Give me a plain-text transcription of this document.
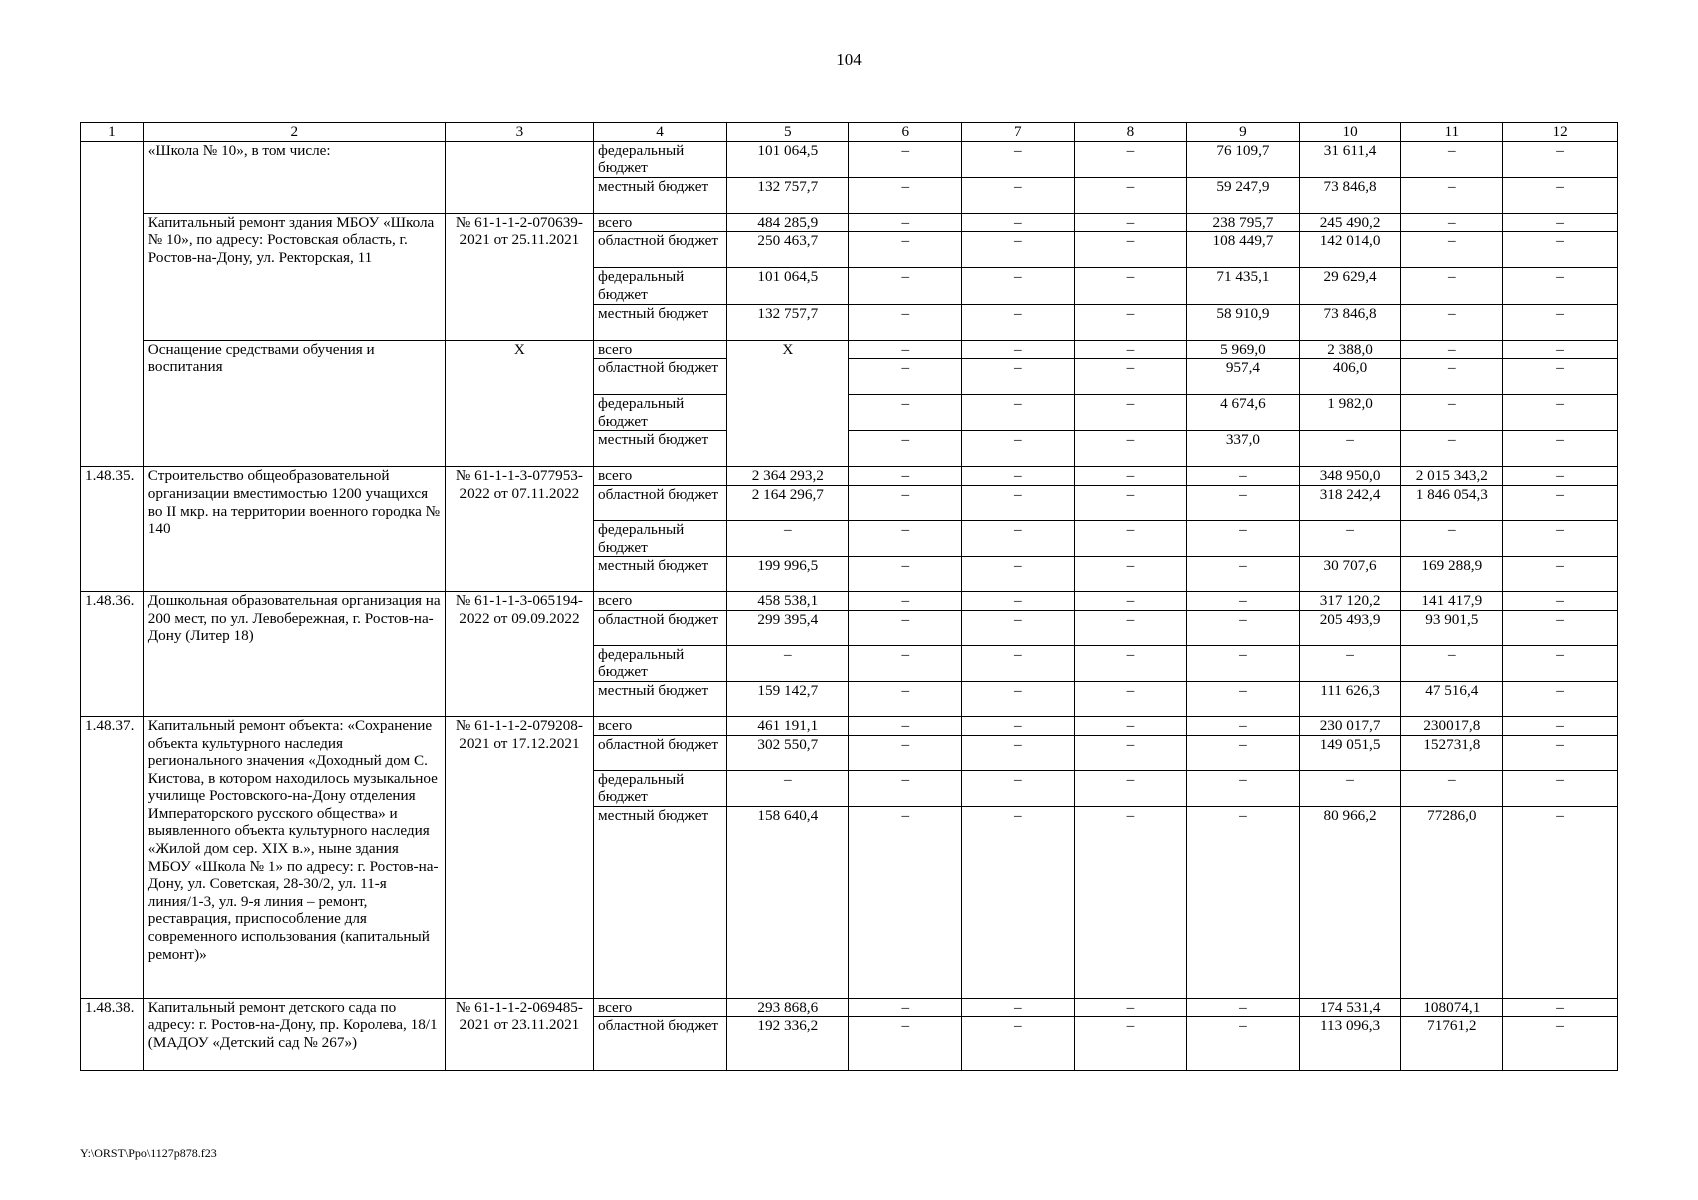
104
1	2	3	4	5	6	7	8	9	10	11	12
	«Школа № 10», в том числе:		федеральный бюджет	101 064,5	–	–	–	76 109,7	31 611,4	–	–
			местный бюджет	132 757,7	–	–	–	59 247,9	73 846,8	–	–
	Капитальный ремонт здания МБОУ «Школа № 10», по адресу: Ростовская область, г. Ростов-на-Дону, ул. Ректорская, 11	№ 61-1-1-2-070639-2021 от 25.11.2021	всего	484 285,9	–	–	–	238 795,7	245 490,2	–	–
			областной бюджет	250 463,7	–	–	–	108 449,7	142 014,0	–	–
			федеральный бюджет	101 064,5	–	–	–	71 435,1	29 629,4	–	–
			местный бюджет	132 757,7	–	–	–	58 910,9	73 846,8	–	–
	Оснащение средствами обучения и воспитания	Х	всего	Х	–	–	–	5 969,0	2 388,0	–	–
			областной бюджет		–	–	–	957,4	406,0	–	–
			федеральный бюджет		–	–	–	4 674,6	1 982,0	–	–
			местный бюджет		–	–	–	337,0	–	–	–
1.48.35.	Строительство общеобразовательной организации вместимостью 1200 учащихся во II мкр. на территории военного городка № 140	№ 61-1-1-3-077953-2022 от 07.11.2022	всего	2 364 293,2	–	–	–	–	348 950,0	2 015 343,2	–
			областной бюджет	2 164 296,7	–	–	–	–	318 242,4	1 846 054,3	–
			федеральный бюджет	–	–	–	–	–	–	–	–
			местный бюджет	199 996,5	–	–	–	–	30 707,6	169 288,9	–
1.48.36.	Дошкольная образовательная организация на 200 мест, по ул. Левобережная, г. Ростов-на-Дону (Литер 18)	№ 61-1-1-3-065194-2022 от 09.09.2022	всего	458 538,1	–	–	–	–	317 120,2	141 417,9	–
			областной бюджет	299 395,4	–	–	–	–	205 493,9	93 901,5	–
			федеральный бюджет	–	–	–	–	–	–	–	–
			местный бюджет	159 142,7	–	–	–	–	111 626,3	47 516,4	–
1.48.37.	Капитальный ремонт объекта: «Сохранение объекта культурного наследия регионального значения «Доходный дом С. Кистова, в котором находилось музыкальное училище Ростовского-на-Дону отделения Императорского русского общества» и выявленного объекта культурного наследия «Жилой дом сер. XIX в.», ныне здания МБОУ «Школа № 1» по адресу: г. Ростов-на-Дону, ул. Советская, 28-30/2, ул. 11-я линия/1-3, ул. 9-я линия – ремонт, реставрация, приспособление для современного использования (капитальный ремонт)»	№ 61-1-1-2-079208-2021 от 17.12.2021	всего	461 191,1	–	–	–	–	230 017,7	230017,8	–
			областной бюджет	302 550,7	–	–	–	–	149 051,5	152731,8	–
			федеральный бюджет	–	–	–	–	–	–	–	–
			местный бюджет	158 640,4	–	–	–	–	80 966,2	77286,0	–
1.48.38.	Капитальный ремонт детского сада по адресу: г. Ростов-на-Дону, пр. Королева, 18/1 (МАДОУ «Детский сад № 267»)	№ 61-1-1-2-069485-2021 от 23.11.2021	всего	293 868,6	–	–	–	–	174 531,4	108074,1	–
			областной бюджет	192 336,2	–	–	–	–	113 096,3	71761,2	–
Y:\ORST\Ppo\1127p878.f23
